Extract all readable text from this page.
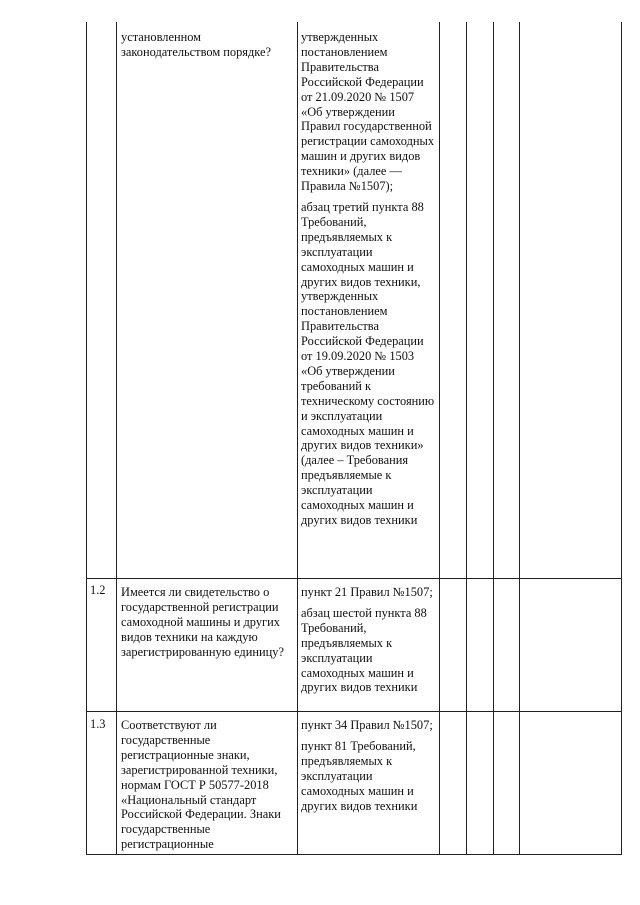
установленном законодательством порядке?

утвержденных постановлением Правительства Российской Федерации от 21.09.2020 № 1507 «Об утверждении Правил государственной регистрации самоходных машин и других видов техники» (далее — Правила №1507);

абзац третий пункта 88 Требований, предъявляемых к эксплуатации самоходных машин и других видов техники, утвержденных постановлением Правительства Российской Федерации от 19.09.2020 № 1503 «Об утверждении требований к техническому состоянию и эксплуатации самоходных машин и других видов техники» (далее – Требования предъявляемые к эксплуатации самоходных машин и других видов техники

1.2 Имеется ли свидетельство о государственной регистрации самоходной машины и других видов техники на каждую зарегистрированную единицу?

пункт 21 Правил №1507;

абзац шестой пункта 88 Требований, предъявляемых к эксплуатации самоходных машин и других видов техники

1.3 Соответствуют ли государственные регистрационные знаки, зарегистрированной техники, нормам ГОСТ Р 50577-2018 «Национальный стандарт Российской Федерации. Знаки государственные регистрационные

пункт 34 Правил №1507;

пункт 81 Требований, предъявляемых к эксплуатации самоходных машин и других видов техники
